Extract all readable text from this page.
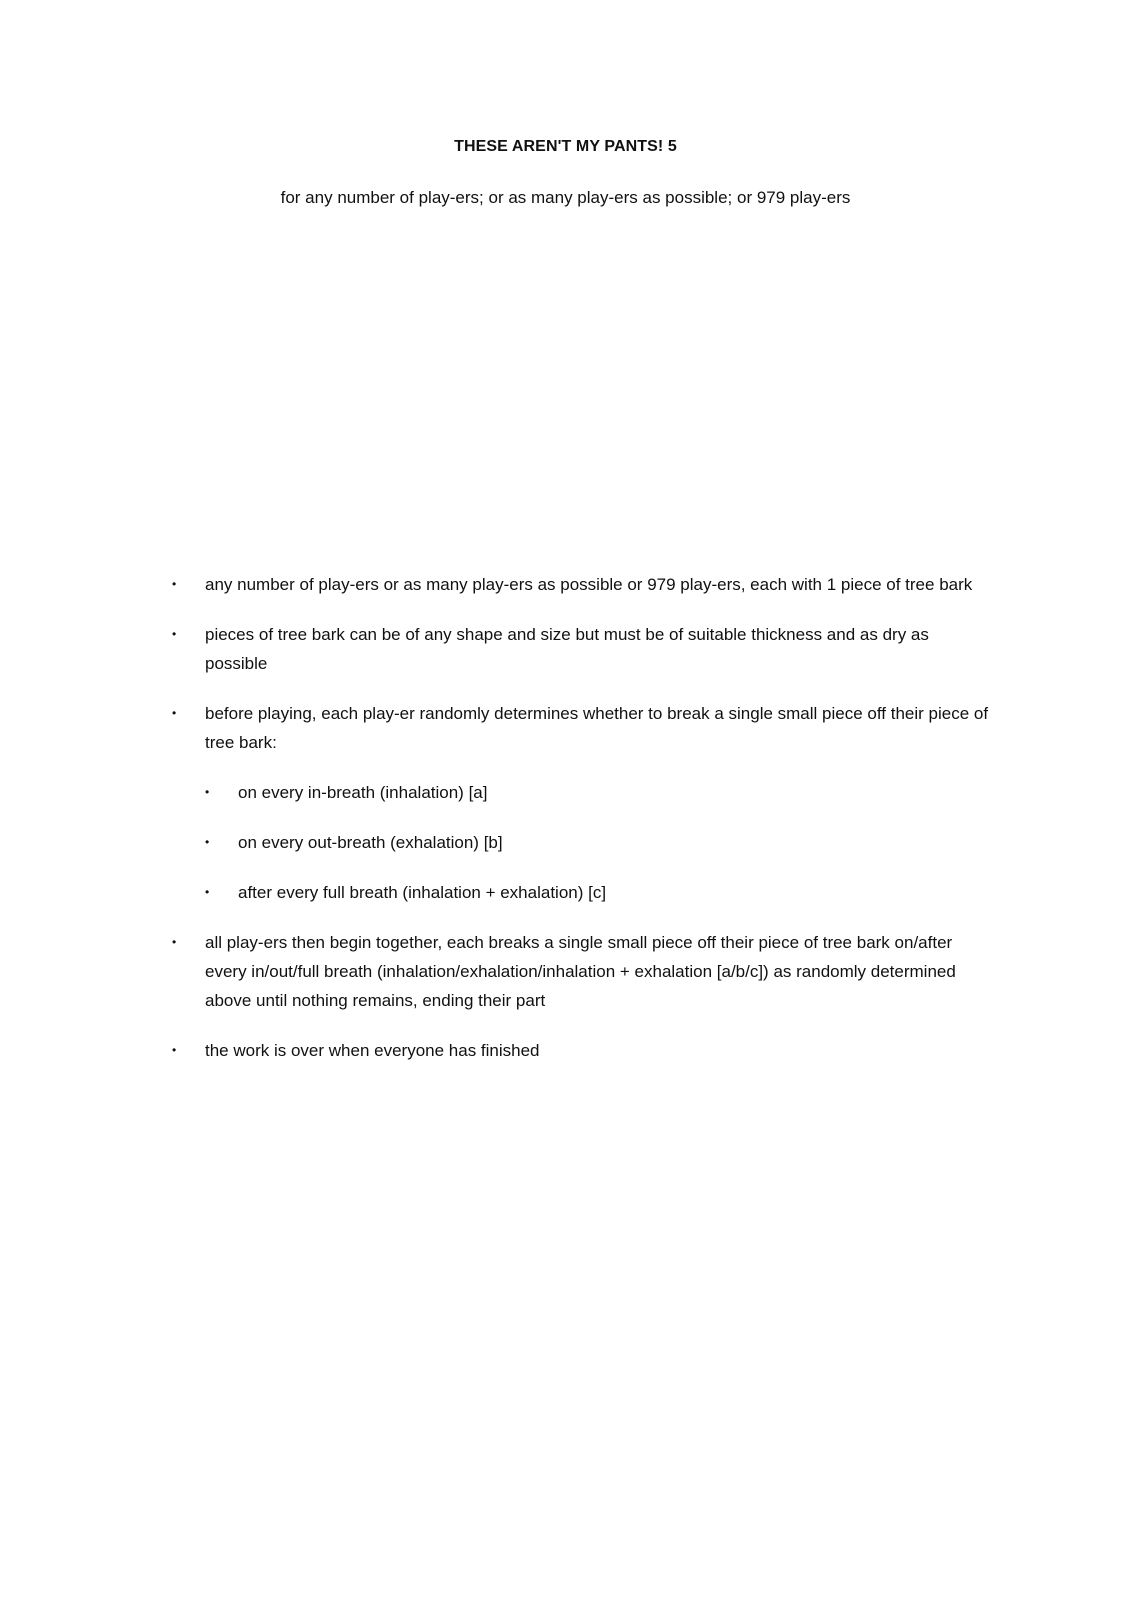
THESE AREN'T MY PANTS! 5
for any number of play-ers; or as many play-ers as possible; or 979 play-ers
• any number of play-ers or as many play-ers as possible or 979 play-ers, each with 1 piece of tree bark
• pieces of tree bark can be of any shape and size but must be of suitable thickness and as dry as possible
• before playing, each play-er randomly determines whether to break a single small piece off their piece of tree bark:
• on every in-breath (inhalation) [a]
• on every out-breath (exhalation) [b]
• after every full breath (inhalation + exhalation) [c]
• all play-ers then begin together, each breaks a single small piece off their piece of tree bark on/after every in/out/full breath (inhalation/exhalation/inhalation + exhalation [a/b/c]) as randomly determined above until nothing remains, ending their part
• the work is over when everyone has finished
